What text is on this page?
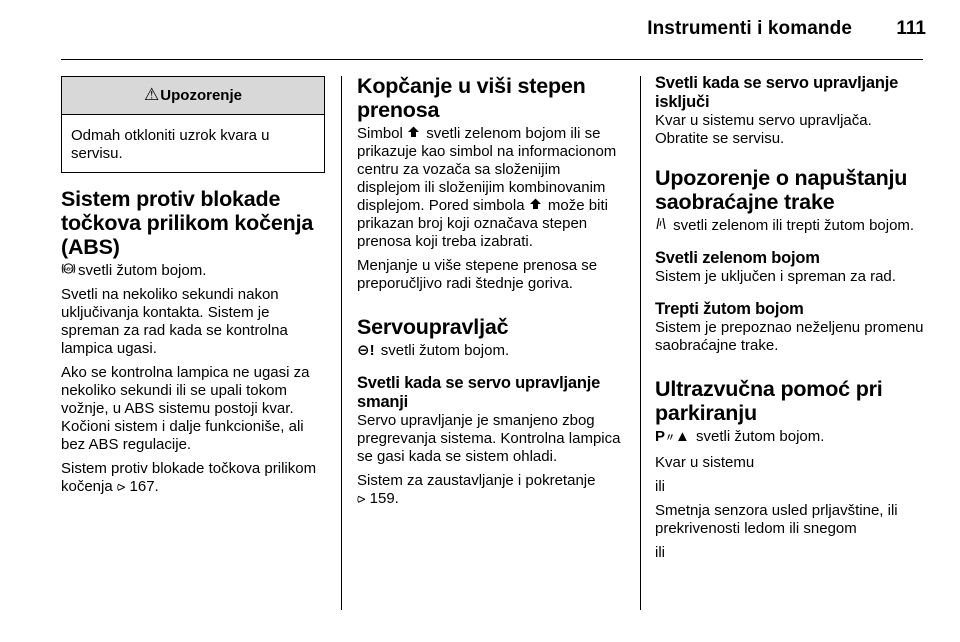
Instrumenti i komande 111
⚠Upozorenje
Odmah otkloniti uzrok kvara u servisu.
Sistem protiv blokade točkova prilikom kočenja (ABS)

ABS svetli žutom bojom.

Svetli na nekoliko sekundi nakon uključivanja kontakta. Sistem je spreman za rad kada se kontrolna lampica ugasi.

Ako se kontrolna lampica ne ugasi za nekoliko sekundi ili se upali tokom vožnje, u ABS sistemu postoji kvar. Kočioni sistem i dalje funkcioniše, ali bez ABS regulacije.

Sistem protiv blokade točkova prilikom kočenja ⪧ 167.

Kopčanje u viši stepen prenosa

Simbol svetli zelenom bojom ili se prikazuje kao simbol na informacionom centru za vozača sa složenijim displejom ili složenijim kombinovanim displejom. Pored simbola može biti prikazan broj koji označava stepen prenosa koji treba izabrati.

Menjanje u više stepene prenosa se preporučljivo radi štednje goriva.

Servoupravljač

⊖! svetli žutom bojom.

Svetli kada se servo upravljanje smanji

Servo upravljanje je smanjeno zbog pregrevanja sistema. Kontrolna lampica se gasi kada se sistem ohladi.

Sistem za zaustavljanje i pokretanje
⪧ 159.

Svetli kada se servo upravljanje isključi

Kvar u sistemu servo upravljača. Obratite se servisu.

Upozorenje o napuštanju saobraćajne trake

svetli zelenom ili trepti žutom bojom.

Svetli zelenom bojom

Sistem je uključen i spreman za rad.

Trepti žutom bojom

Sistem je prepoznao neželjenu promenu saobraćajne trake.

Ultrazvučna pomoć pri parkiranju

P〃▲ svetli žutom bojom.

Kvar u sistemu

ili

Smetnja senzora usled prljavštine, ili prekrivenosti ledom ili snegom

ili
